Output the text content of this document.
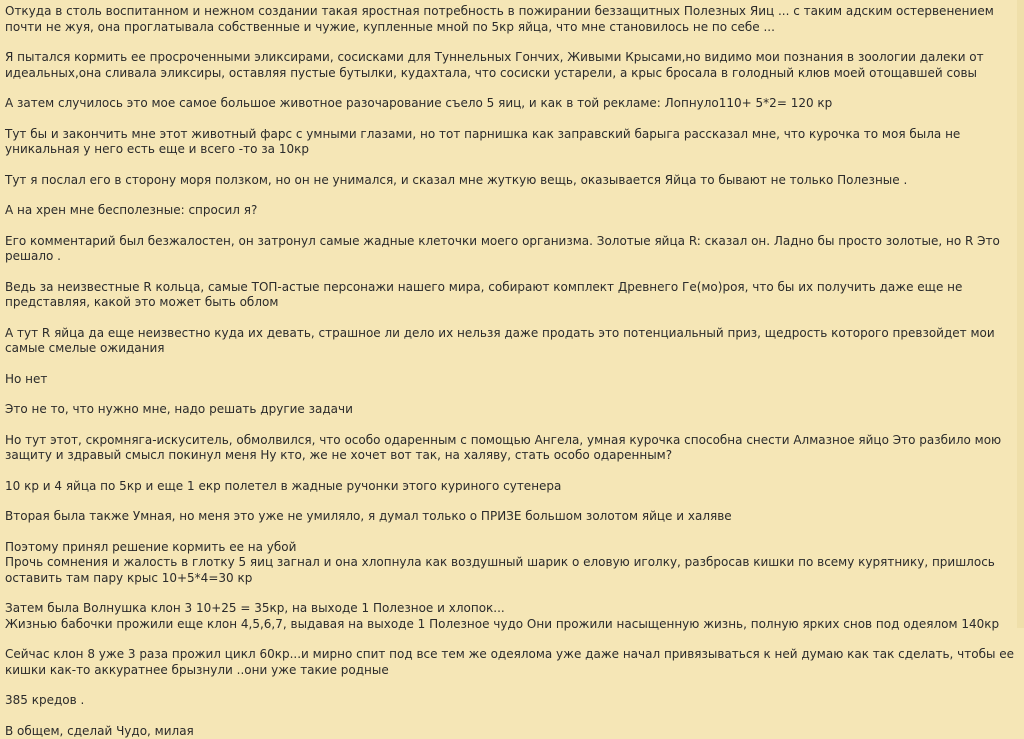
Откуда в столь воспитанном и нежном создании такая яростная потребность в пожирании беззащитных Полезных Яиц ... с таким адским остервенением почти не жуя, она проглатывала собственные и чужие, купленные мной по 5кр яйца, что мне становилось не по себе ...

Я пытался кормить ее просроченными эликсирами, сосисками для Туннельных Гончих, Живыми Крысами,но видимо мои познания в зоологии далеки от идеальных,она сливала эликсиры, оставляя пустые бутылки, кудахтала, что сосиски устарели, а крыс бросала в голодный клюв моей отощавшей совы

А затем случилось это мое самое большое животное разочарование съело 5 яиц, и как в той рекламе: Лопнуло110+ 5*2= 120 кр

Тут бы и закончить мне этот животный фарс с умными глазами, но тот парнишка как заправский барыга рассказал мне, что курочка то моя была не уникальная у него есть еще и всего -то за 10кр

Тут я послал его в сторону моря ползком, но он не унимался, и сказал мне жуткую вещь, оказывается Яйца то бывают не только Полезные .

А на хрен мне бесполезные: спросил я?

Его комментарий был безжалостен, он затронул самые жадные клеточки моего организма. Золотые яйца R: сказал он. Ладно бы просто золотые, но R Это решало .

Ведь за неизвестные R кольца, самые ТОП-астые персонажи нашего мира, собирают комплект Древнего Ге(мо)роя, что бы их получить даже еще не представляя, какой это может быть облом

А тут R яйца да еще неизвестно куда их девать, страшное ли дело их нельзя даже продать это потенциальный приз, щедрость которого превзойдет мои самые смелые ожидания

Но нет

Это не то, что нужно мне, надо решать другие задачи

Но тут этот, скромняга-искуситель, обмолвился, что особо одаренным с помощью Ангела, умная курочка способна снести Алмазное яйцо Это разбило мою защиту и здравый смысл покинул меня Ну кто, же не хочет вот так, на халяву, стать особо одаренным?

10 кр и 4 яйца по 5кр и еще 1 екр полетел в жадные ручонки этого куриного сутенера

Вторая была также Умная, но меня это уже не умиляло, я думал только о ПРИЗЕ большом золотом яйце и халяве

Поэтому принял решение кормить ее на убой
Прочь сомнения и жалость в глотку 5 яиц загнал и она хлопнула как воздушный шарик о еловую иголку, разбросав кишки по всему курятнику, пришлось оставить там пару крыс 10+5*4=30 кр

Затем была Волнушка клон 3 10+25 = 35кр, на выходе 1 Полезное и хлопок...
Жизнью бабочки прожили еще клон 4,5,6,7, выдавая на выходе 1 Полезное чудо Они прожили насыщенную жизнь, полную ярких снов под одеялом 140кр

Сейчас клон 8 уже 3 раза прожил цикл 60кр...и мирно спит под все тем же одеялома уже даже начал привязываться к ней думаю как так сделать, чтобы ее кишки как-то аккуратнее брызнули ..они уже такие родные

385 кредов .

В общем, сделай Чудо, милая
